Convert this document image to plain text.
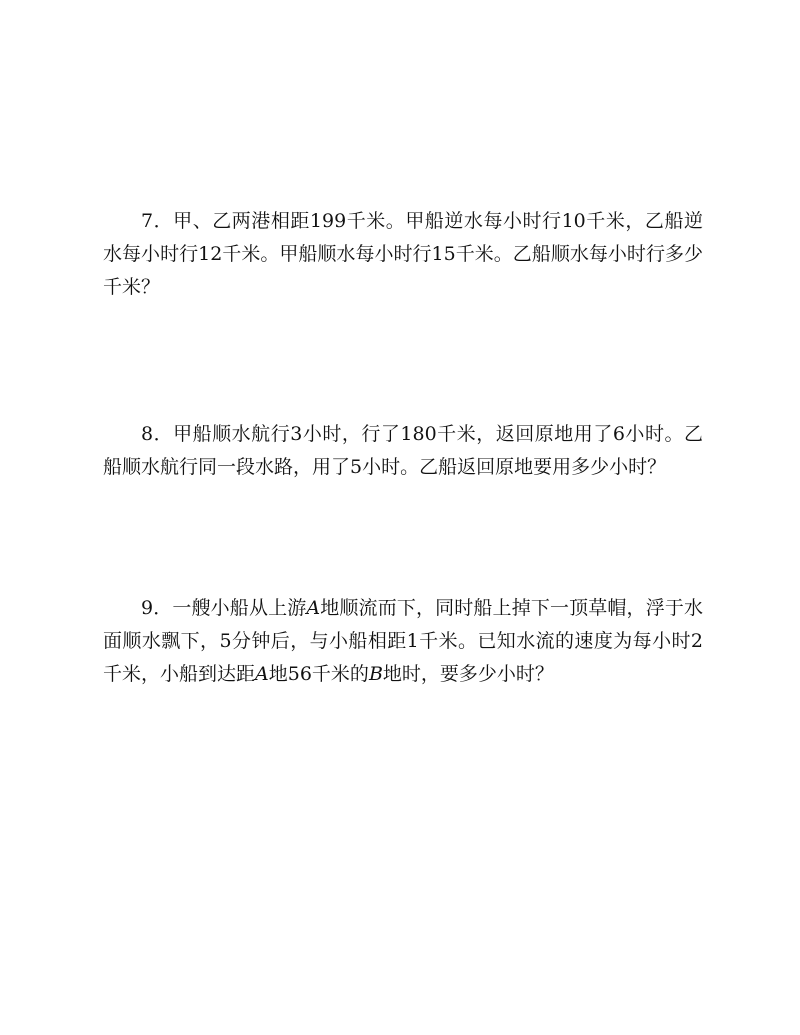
7．甲、乙两港相距199千米。甲船逆水每小时行10千米，乙船逆水每小时行12千米。甲船顺水每小时行15千米。乙船顺水每小时行多少千米？

8．甲船顺水航行3小时，行了180千米，返回原地用了6小时。乙船顺水航行同一段水路，用了5小时。乙船返回原地要用多少小时？

9．一艘小船从上游A地顺流而下，同时船上掉下一顶草帽，浮于水面顺水飘下，5分钟后，与小船相距1千米。已知水流的速度为每小时2千米，小船到达距A地56千米的B地时，要多少小时？
